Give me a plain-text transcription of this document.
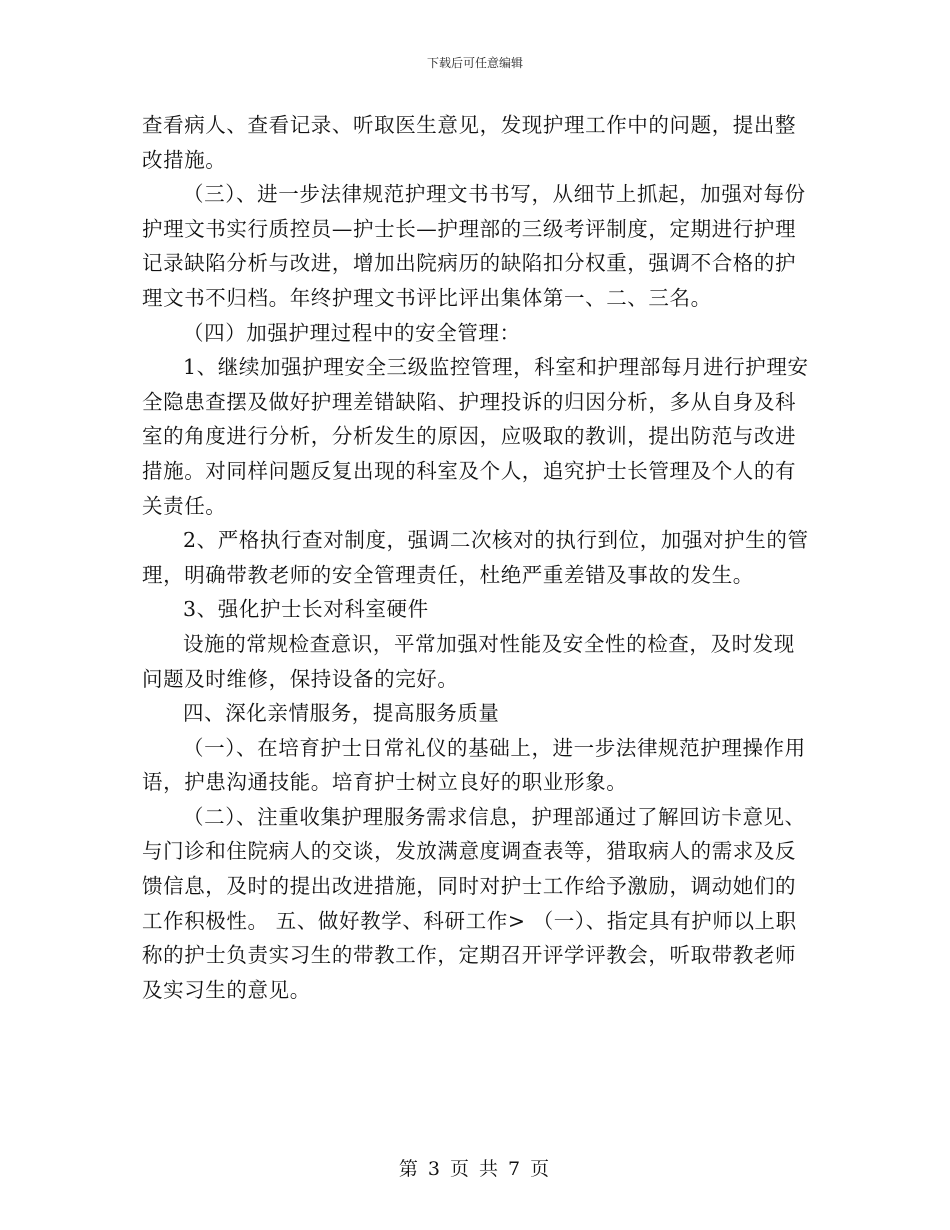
下载后可任意编辑

查看病人、查看记录、听取医生意见，发现护理工作中的问题，提出整改措施。

（三）、进一步法律规范护理文书书写，从细节上抓起，加强对每份护理文书实行质控员—护士长—护理部的三级考评制度，定期进行护理记录缺陷分析与改进，增加出院病历的缺陷扣分权重，强调不合格的护理文书不归档。年终护理文书评比评出集体第一、二、三名。

（四）加强护理过程中的安全管理：

1、继续加强护理安全三级监控管理，科室和护理部每月进行护理安全隐患查摆及做好护理差错缺陷、护理投诉的归因分析，多从自身及科室的角度进行分析，分析发生的原因，应吸取的教训，提出防范与改进措施。对同样问题反复出现的科室及个人，追究护士长管理及个人的有关责任。

2、严格执行查对制度，强调二次核对的执行到位，加强对护生的管理，明确带教老师的安全管理责任，杜绝严重差错及事故的发生。

3、强化护士长对科室硬件

设施的常规检查意识，平常加强对性能及安全性的检查，及时发现问题及时维修，保持设备的完好。

四、深化亲情服务，提高服务质量

（一）、在培育护士日常礼仪的基础上，进一步法律规范护理操作用语，护患沟通技能。培育护士树立良好的职业形象。

（二）、注重收集护理服务需求信息，护理部通过了解回访卡意见、与门诊和住院病人的交谈，发放满意度调查表等，猎取病人的需求及反馈信息，及时的提出改进措施，同时对护士工作给予激励，调动她们的工作积极性。 五、做好教学、科研工作> （一）、指定具有护师以上职称的护士负责实习生的带教工作，定期召开评学评教会，听取带教老师及实习生的意见。

第 3 页 共 7 页
